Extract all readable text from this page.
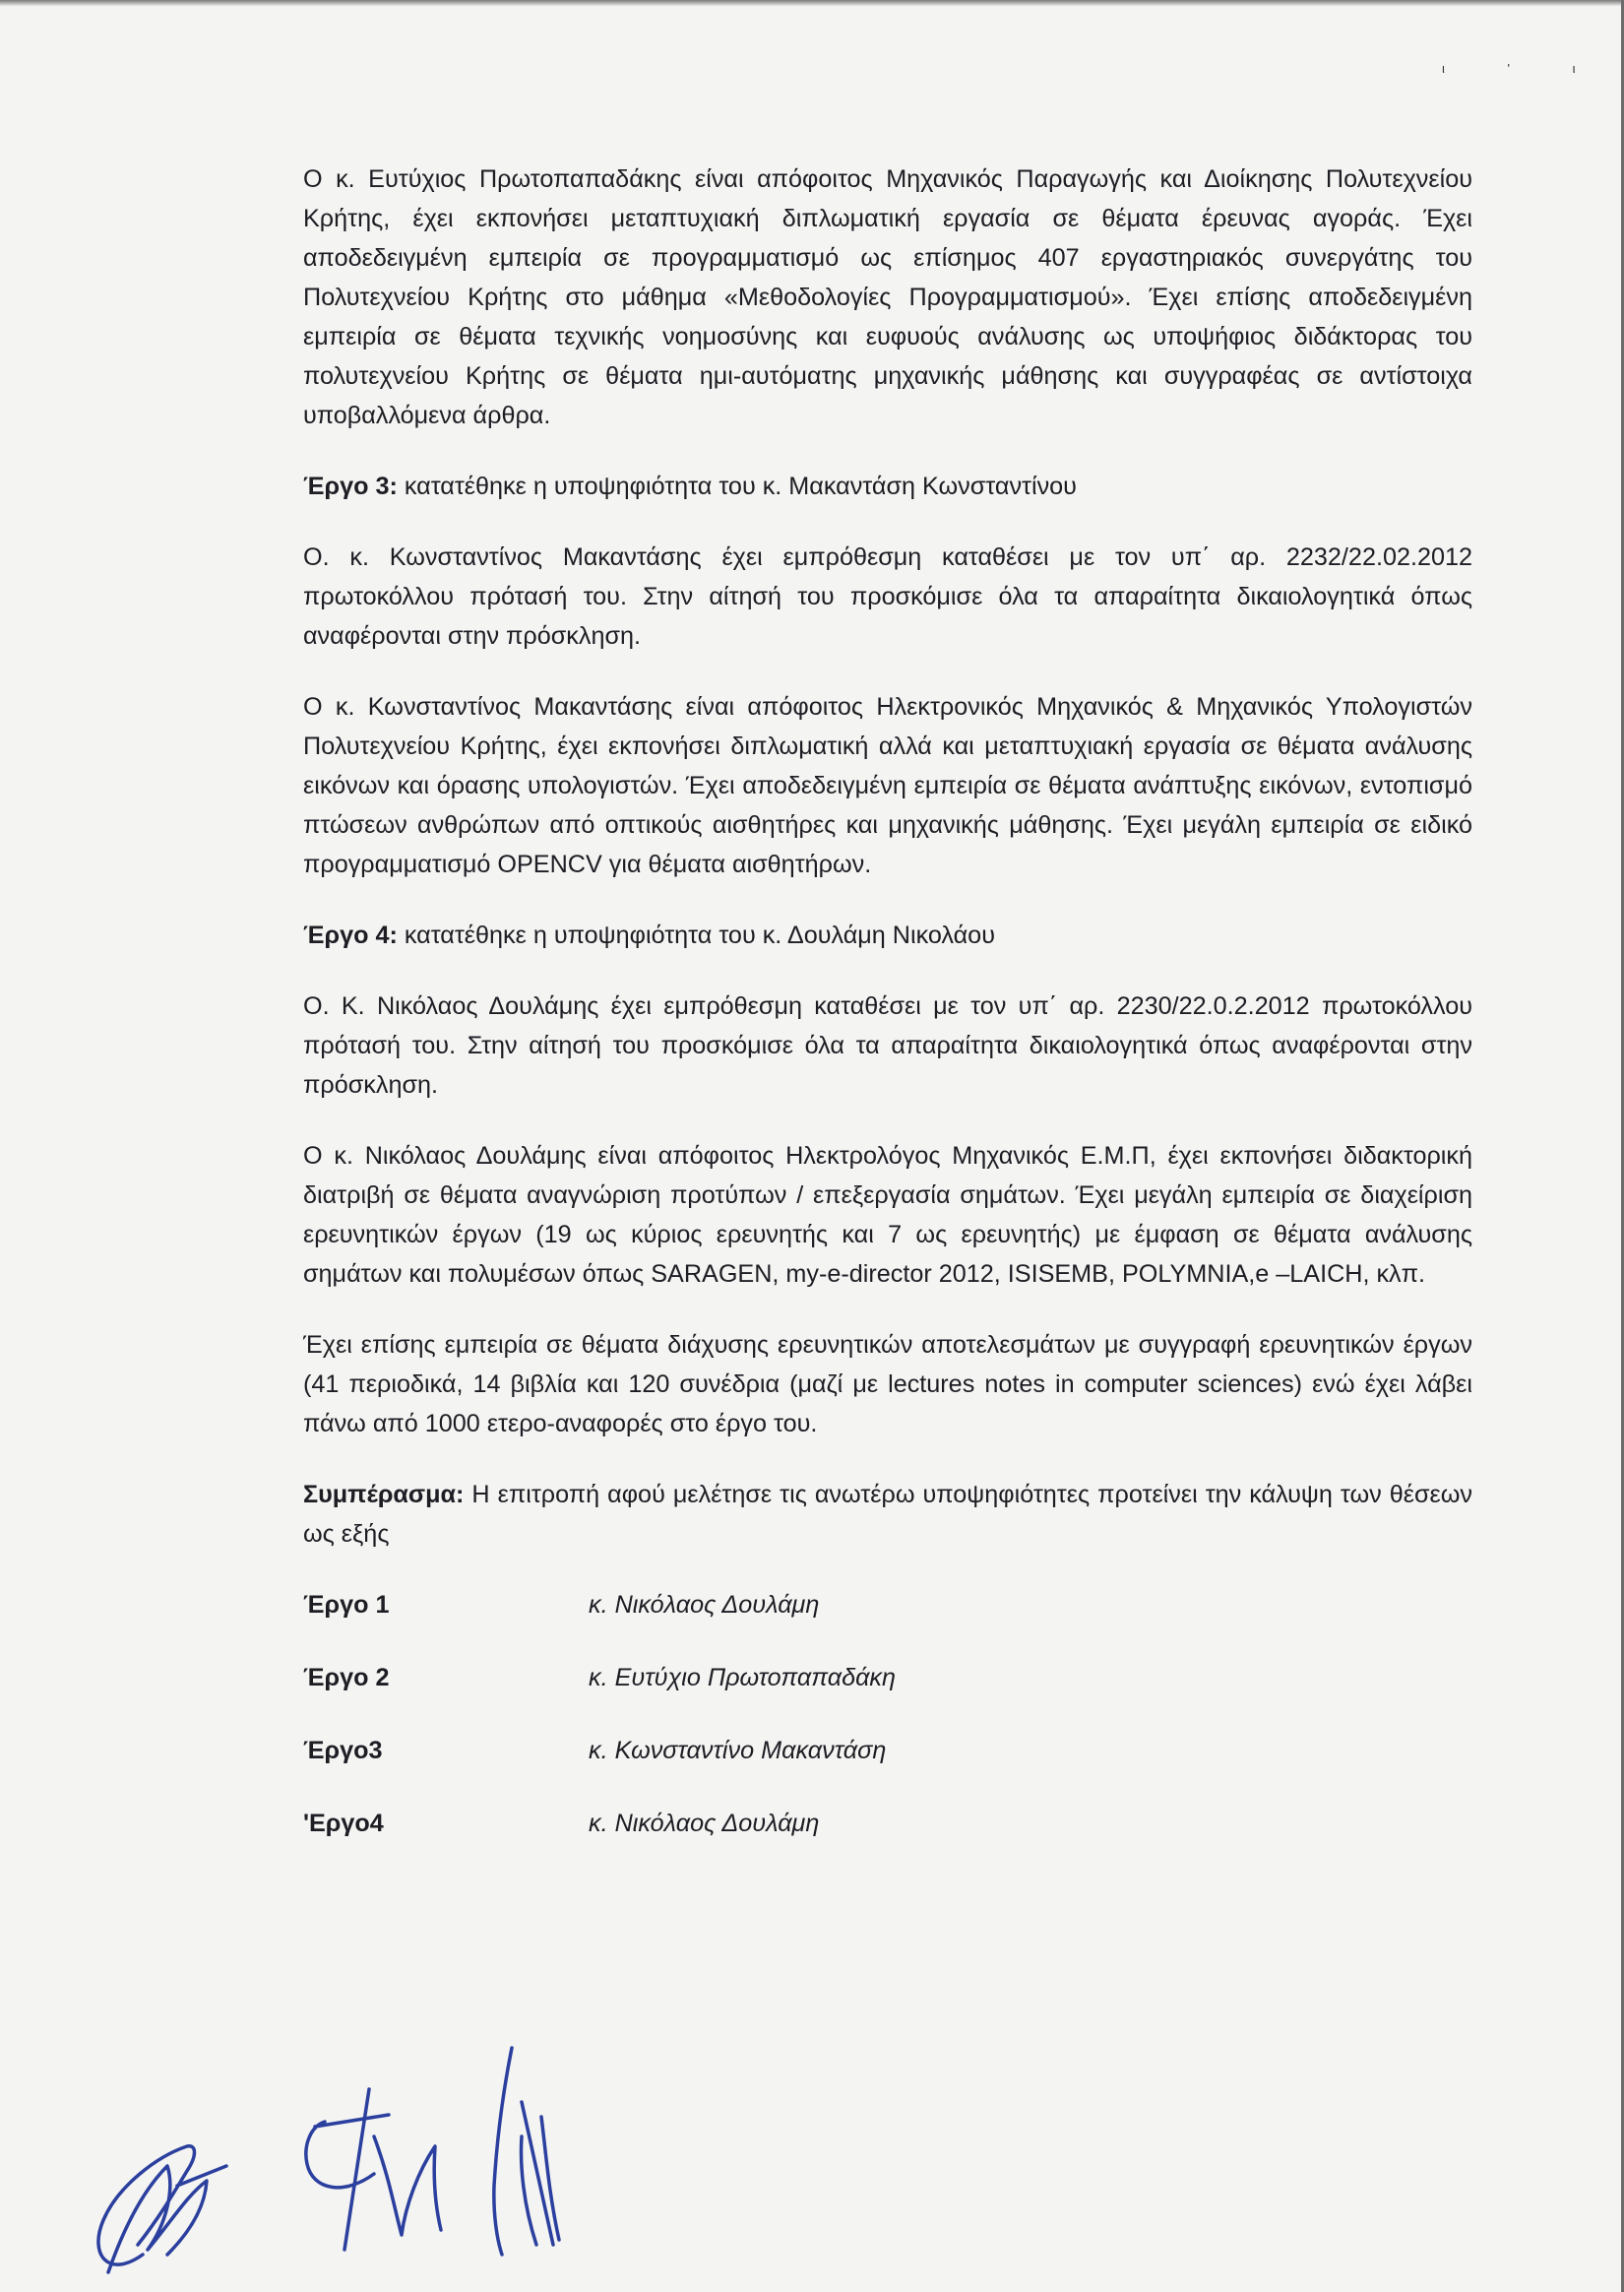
ι ' ι

Ο κ. Ευτύχιος Πρωτοπαπαδάκης είναι απόφοιτος Μηχανικός Παραγωγής και Διοίκησης Πολυτεχνείου Κρήτης, έχει εκπονήσει μεταπτυχιακή διπλωματική εργασία σε θέματα έρευνας αγοράς. Έχει αποδεδειγμένη εμπειρία σε προγραμματισμό ως επίσημος 407 εργαστηριακός συνεργάτης του Πολυτεχνείου Κρήτης στο μάθημα «Μεθοδολογίες Προγραμματισμού». Έχει επίσης αποδεδειγμένη εμπειρία σε θέματα τεχνικής νοημοσύνης και ευφυούς ανάλυσης ως υποψήφιος διδάκτορας του πολυτεχνείου Κρήτης σε θέματα ημι-αυτόματης μηχανικής μάθησης και συγγραφέας σε αντίστοιχα υποβαλλόμενα άρθρα.

Έργο 3: κατατέθηκε η υποψηφιότητα του κ. Μακαντάση Κωνσταντίνου

Ο. κ. Κωνσταντίνος Μακαντάσης έχει εμπρόθεσμη καταθέσει με τον υπ΄ αρ. 2232/22.02.2012 πρωτοκόλλου πρότασή του. Στην αίτησή του προσκόμισε όλα τα απαραίτητα δικαιολογητικά όπως αναφέρονται στην πρόσκληση.

Ο κ. Κωνσταντίνος Μακαντάσης είναι απόφοιτος Ηλεκτρονικός Μηχανικός & Μηχανικός Υπολογιστών Πολυτεχνείου Κρήτης, έχει εκπονήσει διπλωματική αλλά και μεταπτυχιακή εργασία σε θέματα ανάλυσης εικόνων και όρασης υπολογιστών. Έχει αποδεδειγμένη εμπειρία σε θέματα ανάπτυξης εικόνων, εντοπισμό πτώσεων ανθρώπων από οπτικούς αισθητήρες και μηχανικής μάθησης. Έχει μεγάλη εμπειρία σε ειδικό προγραμματισμό OPENCV για θέματα αισθητήρων.

Έργο 4: κατατέθηκε η υποψηφιότητα του κ. Δουλάμη Νικολάου

Ο. Κ. Νικόλαος Δουλάμης έχει εμπρόθεσμη καταθέσει με τον υπ΄ αρ. 2230/22.0.2.2012 πρωτοκόλλου πρότασή του. Στην αίτησή του προσκόμισε όλα τα απαραίτητα δικαιολογητικά όπως αναφέρονται στην πρόσκληση.

Ο κ. Νικόλαος Δουλάμης είναι απόφοιτος Ηλεκτρολόγος Μηχανικός Ε.Μ.Π, έχει εκπονήσει διδακτορική διατριβή σε θέματα αναγνώριση προτύπων / επεξεργασία σημάτων. Έχει μεγάλη εμπειρία σε διαχείριση ερευνητικών έργων (19 ως κύριος ερευνητής και 7 ως ερευνητής) με έμφαση σε θέματα ανάλυσης σημάτων και πολυμέσων όπως SARAGEN, my-e-director 2012, ISISEMB, POLYMNIA,e –LAICH, κλπ.

Έχει επίσης εμπειρία σε θέματα διάχυσης ερευνητικών αποτελεσμάτων με συγγραφή ερευνητικών έργων (41 περιοδικά, 14 βιβλία και 120 συνέδρια (μαζί με lectures notes in computer sciences) ενώ έχει λάβει πάνω από 1000 ετερο-αναφορές στο έργο του.

Συμπέρασμα: Η επιτροπή αφού μελέτησε τις ανωτέρω υποψηφιότητες προτείνει την κάλυψη των θέσεων ως εξής

Έργο 1	κ. Νικόλαος Δουλάμη
Έργο 2	κ. Ευτύχιο Πρωτοπαπαδάκη
Έργο3	κ. Κωνσταντίνο Μακαντάση
'Εργο4	κ. Νικόλαος Δουλάμη
